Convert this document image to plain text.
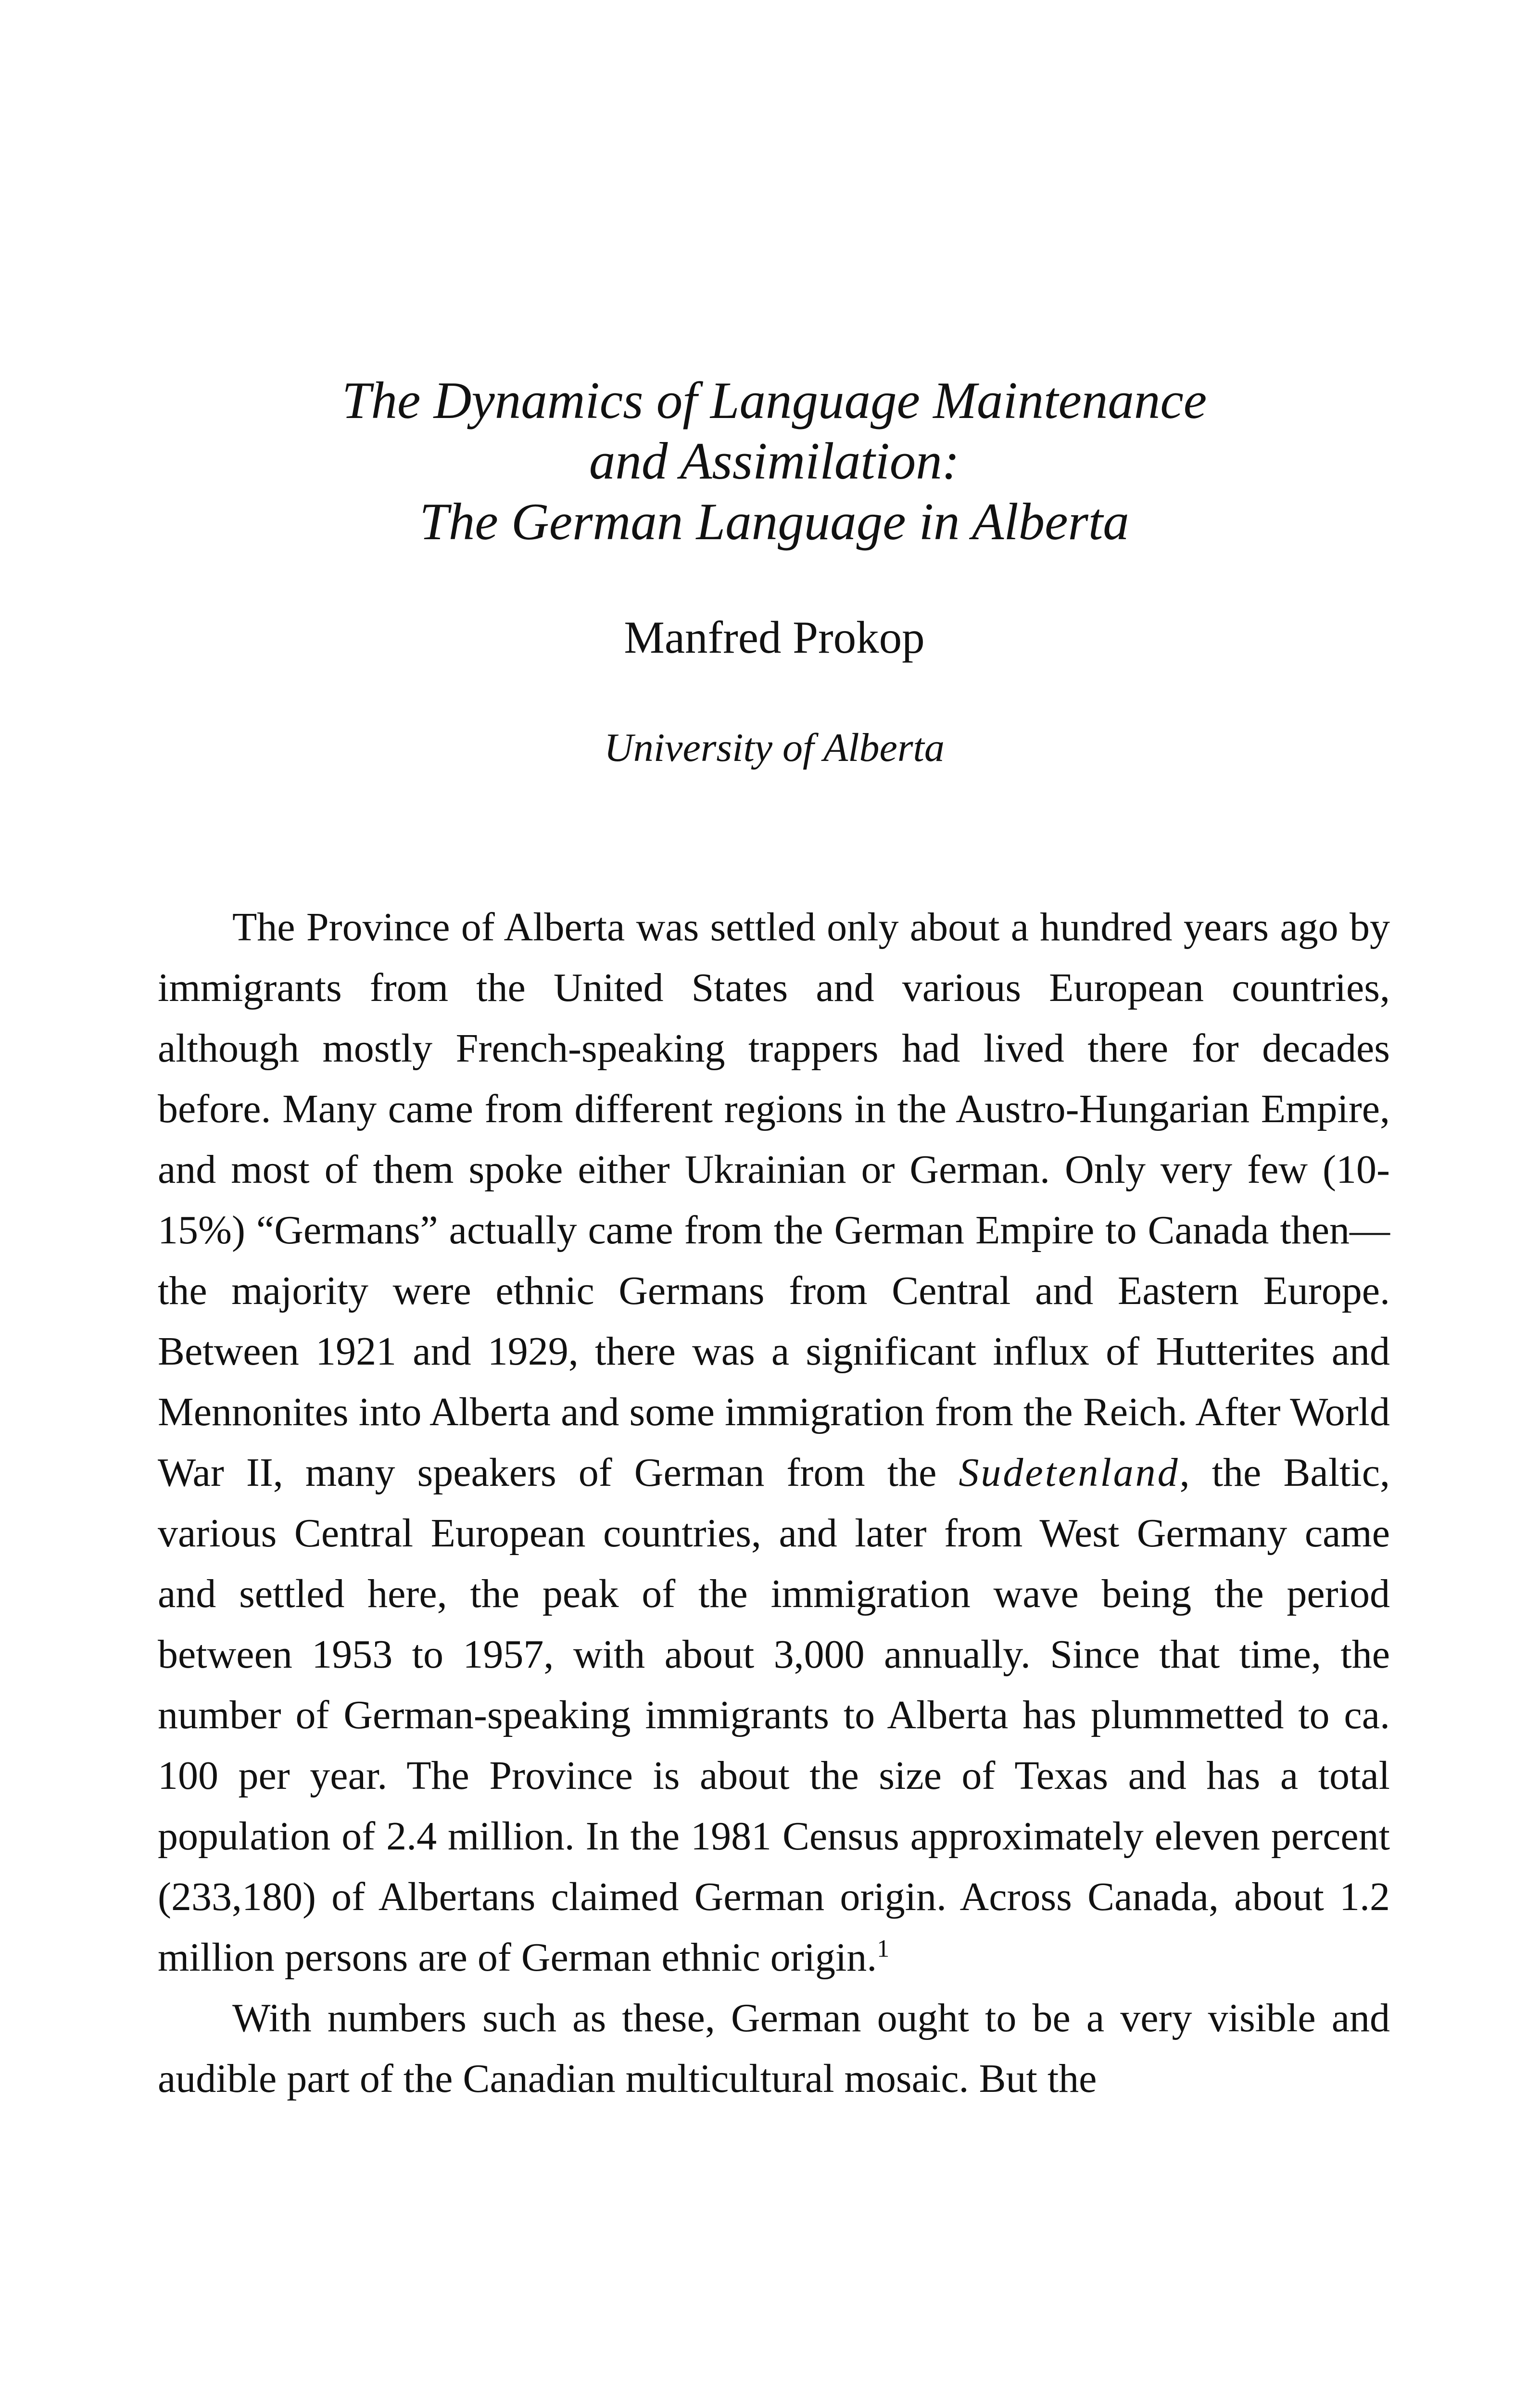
The Dynamics of Language Maintenance
and Assimilation:
The German Language in Alberta
Manfred Prokop
University of Alberta

The Province of Alberta was settled only about a hundred years ago by immigrants from the United States and various European countries, although mostly French-speaking trappers had lived there for decades before. Many came from different regions in the Austro-Hungarian Empire, and most of them spoke either Ukrainian or German. Only very few (10-15%) “Germans” actually came from the German Empire to Canada then—the majority were ethnic Germans from Central and Eastern Europe. Between 1921 and 1929, there was a significant influx of Hutterites and Mennonites into Alberta and some immigration from the Reich. After World War II, many speakers of German from the Sudetenland, the Baltic, various Central European countries, and later from West Germany came and settled here, the peak of the immigration wave being the period between 1953 to 1957, with about 3,000 annually. Since that time, the number of German-speaking immigrants to Alberta has plummetted to ca. 100 per year. The Province is about the size of Texas and has a total population of 2.4 million. In the 1981 Census approximately eleven percent (233,180) of Albertans claimed German origin. Across Canada, about 1.2 million persons are of German ethnic origin.$^1$

With numbers such as these, German ought to be a very visible and audible part of the Canadian multicultural mosaic. But the
